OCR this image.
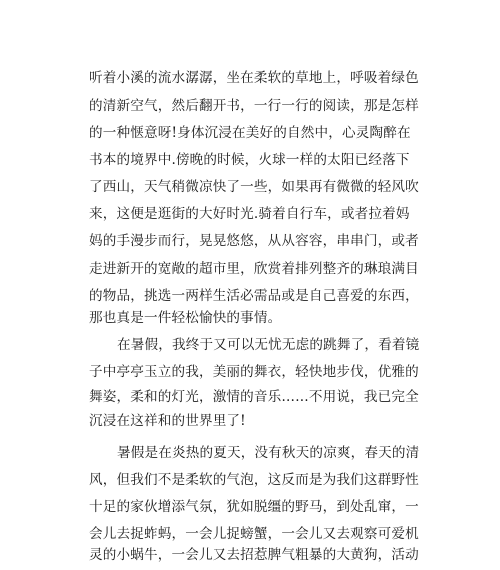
听着小溪的流水潺潺，坐在柔软的草地上，呼吸着绿色
的清新空气，然后翻开书，一行一行的阅读，那是怎样
的一种惬意呀!身体沉浸在美好的自然中，心灵陶醉在
书本的境界中.傍晚的时候，火球一样的太阳已经落下
了西山，天气稍微凉快了一些，如果再有微微的轻风吹
来，这便是逛街的大好时光.骑着自行车，或者拉着妈
妈的手漫步而行，晃晃悠悠，从从容容，串串门，或者
走进新开的宽敞的超市里，欣赏着排列整齐的琳琅满目
的物品，挑选一两样生活必需品或是自己喜爱的东西，
那也真是一件轻松愉快的事情。
在暑假，我终于又可以无忧无虑的跳舞了，看着镜
子中亭亭玉立的我，美丽的舞衣，轻快地步伐，优雅的
舞姿，柔和的灯光，激情的音乐……不用说，我已完全
沉浸在这祥和的世界里了!
暑假是在炎热的夏天，没有秋天的凉爽，春天的清
风，但我们不是柔软的气泡，这反而是为我们这群野性
十足的家伙增添气氛，犹如脱缰的野马，到处乱窜，一
会儿去捉蚱蚂，一会儿捉螃蟹，一会儿又去观察可爱机
灵的小蜗牛，一会儿又去招惹脾气粗暴的大黄狗，活动
